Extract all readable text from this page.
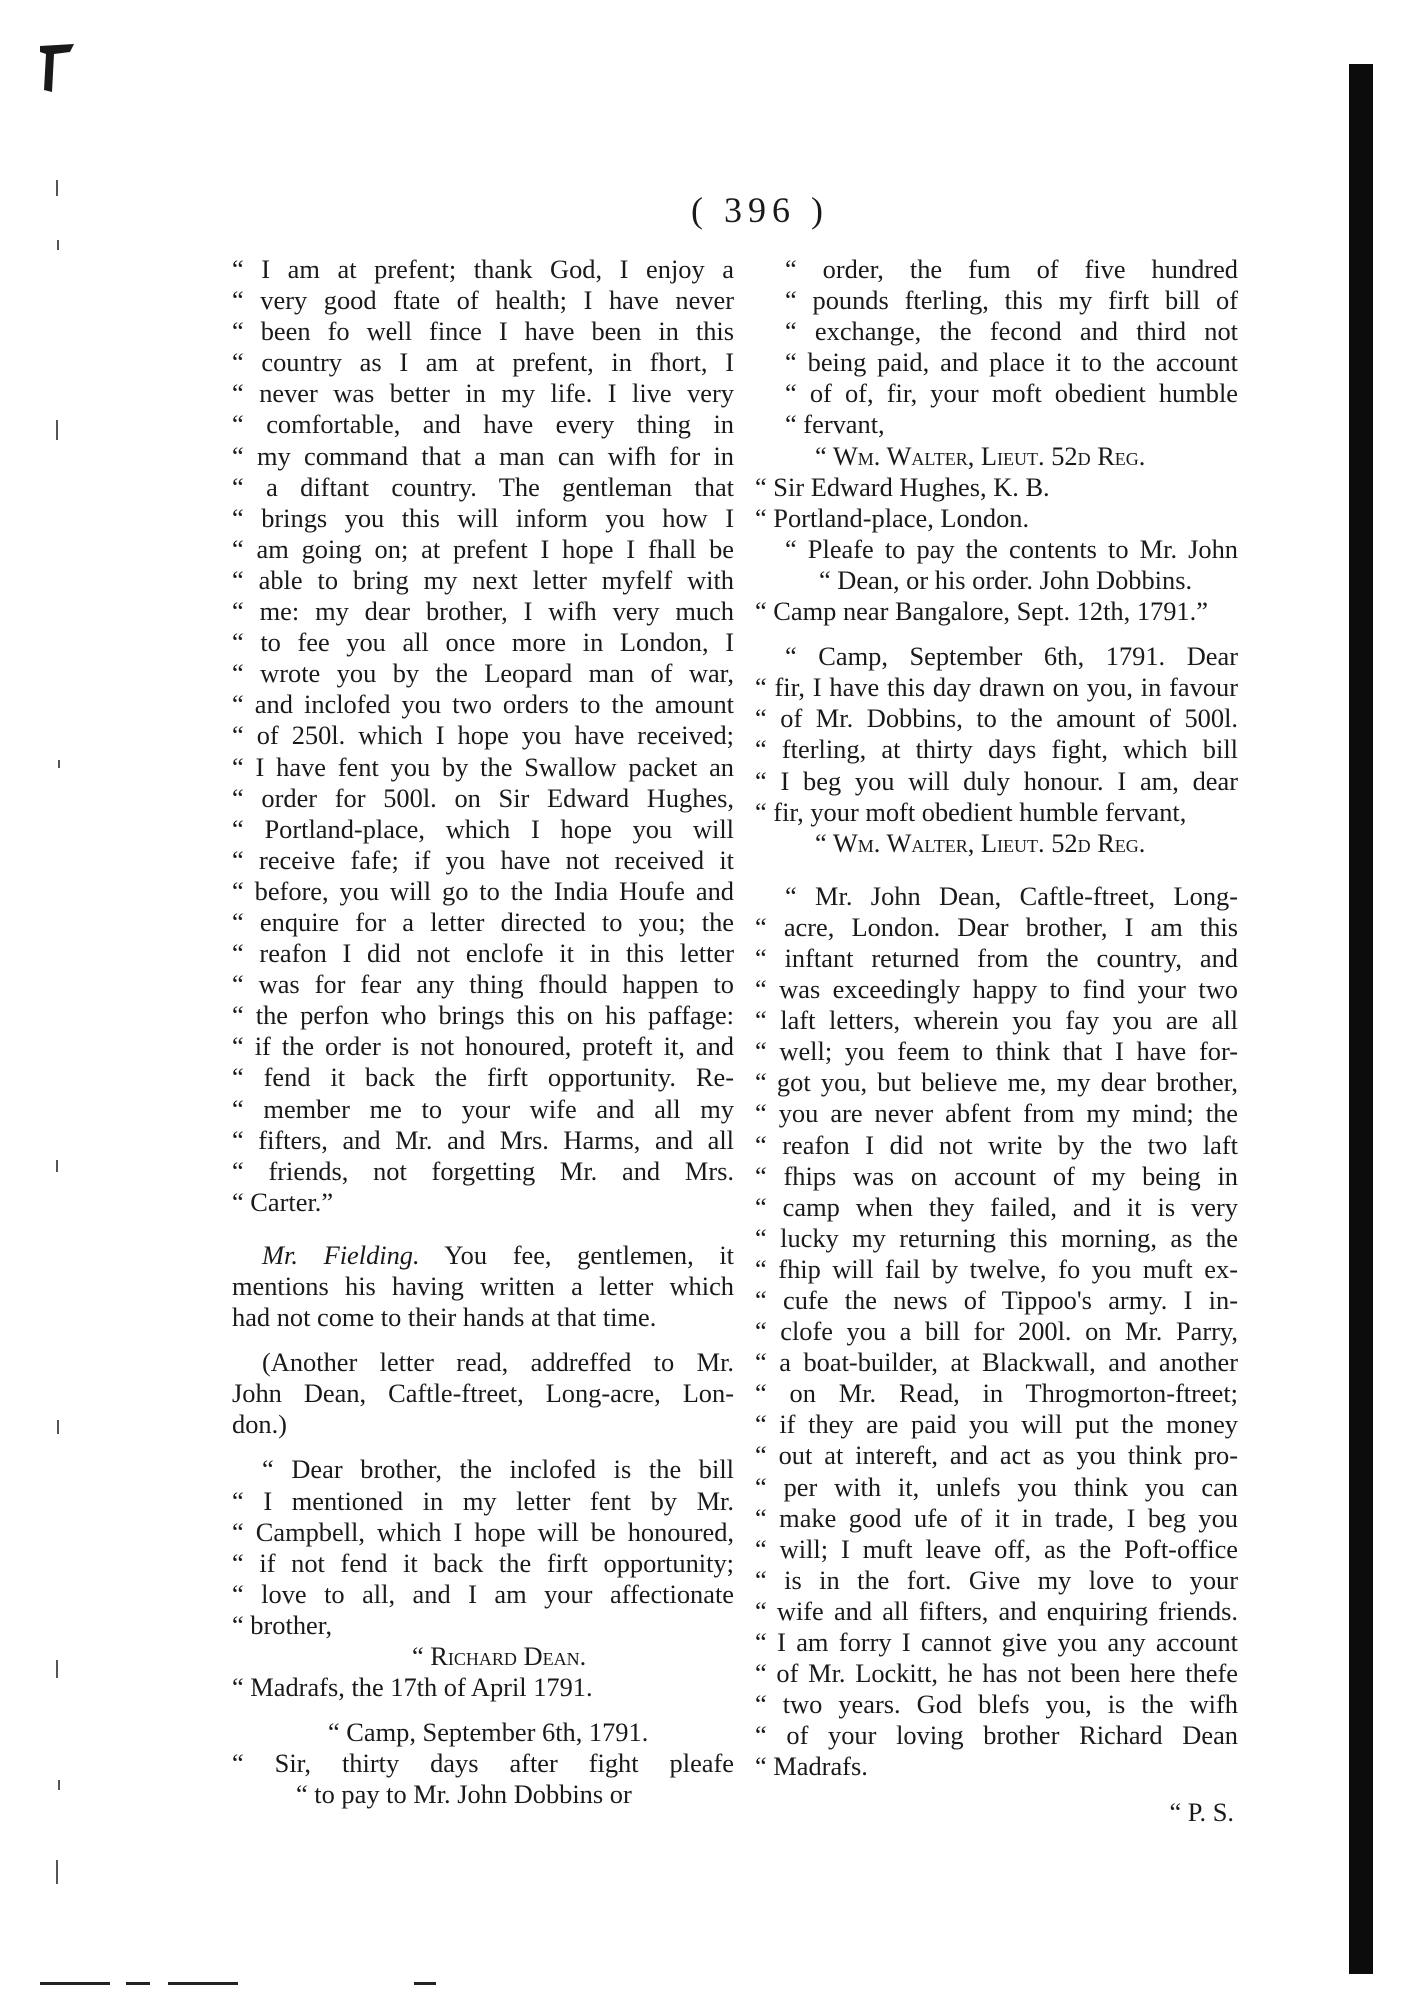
( 396 )
“ I am at prefent; thank God, I enjoy a
“ very good ftate of health; I have never
“ been fo well fince I have been in this
“ country as I am at prefent, in fhort, I
“ never was better in my life. I live very
“ comfortable, and have every thing in
“ my command that a man can wifh for in
“ a diftant country. The gentleman that
“ brings you this will inform you how I
“ am going on; at prefent I hope I fhall be
“ able to bring my next letter myfelf with
“ me: my dear brother, I wifh very much
“ to fee you all once more in London, I
“ wrote you by the Leopard man of war,
“ and inclofed you two orders to the amount
“ of 250l. which I hope you have received;
“ I have fent you by the Swallow packet an
“ order for 500l. on Sir Edward Hughes,
“ Portland-place, which I hope you will
“ receive fafe; if you have not received it
“ before, you will go to the India Houfe and
“ enquire for a letter directed to you; the
“ reafon I did not enclofe it in this letter
“ was for fear any thing fhould happen to
“ the perfon who brings this on his paffage:
“ if the order is not honoured, proteft it, and
“ fend it back the firft opportunity. Re-
“ member me to your wife and all my
“ fifters, and Mr. and Mrs. Harms, and all
“ friends, not forgetting Mr. and Mrs.
“ Carter.”
Mr. Fielding. You fee, gentlemen, it
mentions his having written a letter which
had not come to their hands at that time.
(Another letter read, addreffed to Mr.
John Dean, Caftle-ftreet, Long-acre, Lon-
don.)
“ Dear brother, the inclofed is the bill
“ I mentioned in my letter fent by Mr.
“ Campbell, which I hope will be honoured,
“ if not fend it back the firft opportunity;
“ love to all, and I am your affectionate
“ brother,
“ Richard Dean.
“ Madrafs, the 17th of April 1791.
“ Camp, September 6th, 1791.
“ Sir, thirty days after fight pleafe
“ to pay to Mr. John Dobbins or
“ order, the fum of five hundred
“ pounds fterling, this my firft bill of
“ exchange, the fecond and third not
“ being paid, and place it to the account
“ of of, fir, your moft obedient humble
“ fervant,
“ Wm. Walter, Lieut. 52d Reg.
“ Sir Edward Hughes, K. B.
“ Portland-place, London.
“ Pleafe to pay the contents to Mr. John
“ Dean, or his order. John Dobbins.
“ Camp near Bangalore, Sept. 12th, 1791.”
“ Camp, September 6th, 1791. Dear
“ fir, I have this day drawn on you, in favour
“ of Mr. Dobbins, to the amount of 500l.
“ fterling, at thirty days fight, which bill
“ I beg you will duly honour. I am, dear
“ fir, your moft obedient humble fervant,
“ Wm. Walter, Lieut. 52d Reg.
“ Mr. John Dean, Caftle-ftreet, Long-
“ acre, London. Dear brother, I am this
“ inftant returned from the country, and
“ was exceedingly happy to find your two
“ laft letters, wherein you fay you are all
“ well; you feem to think that I have for-
“ got you, but believe me, my dear brother,
“ you are never abfent from my mind; the
“ reafon I did not write by the two laft
“ fhips was on account of my being in
“ camp when they failed, and it is very
“ lucky my returning this morning, as the
“ fhip will fail by twelve, fo you muft ex-
“ cufe the news of Tippoo's army. I in-
“ clofe you a bill for 200l. on Mr. Parry,
“ a boat-builder, at Blackwall, and another
“ on Mr. Read, in Throgmorton-ftreet;
“ if they are paid you will put the money
“ out at intereft, and act as you think pro-
“ per with it, unlefs you think you can
“ make good ufe of it in trade, I beg you
“ will; I muft leave off, as the Poft-office
“ is in the fort. Give my love to your
“ wife and all fifters, and enquiring friends.
“ I am forry I cannot give you any account
“ of Mr. Lockitt, he has not been here thefe
“ two years. God blefs you, is the wifh
“ of your loving brother Richard Dean
“ Madrafs.
“ P. S.
